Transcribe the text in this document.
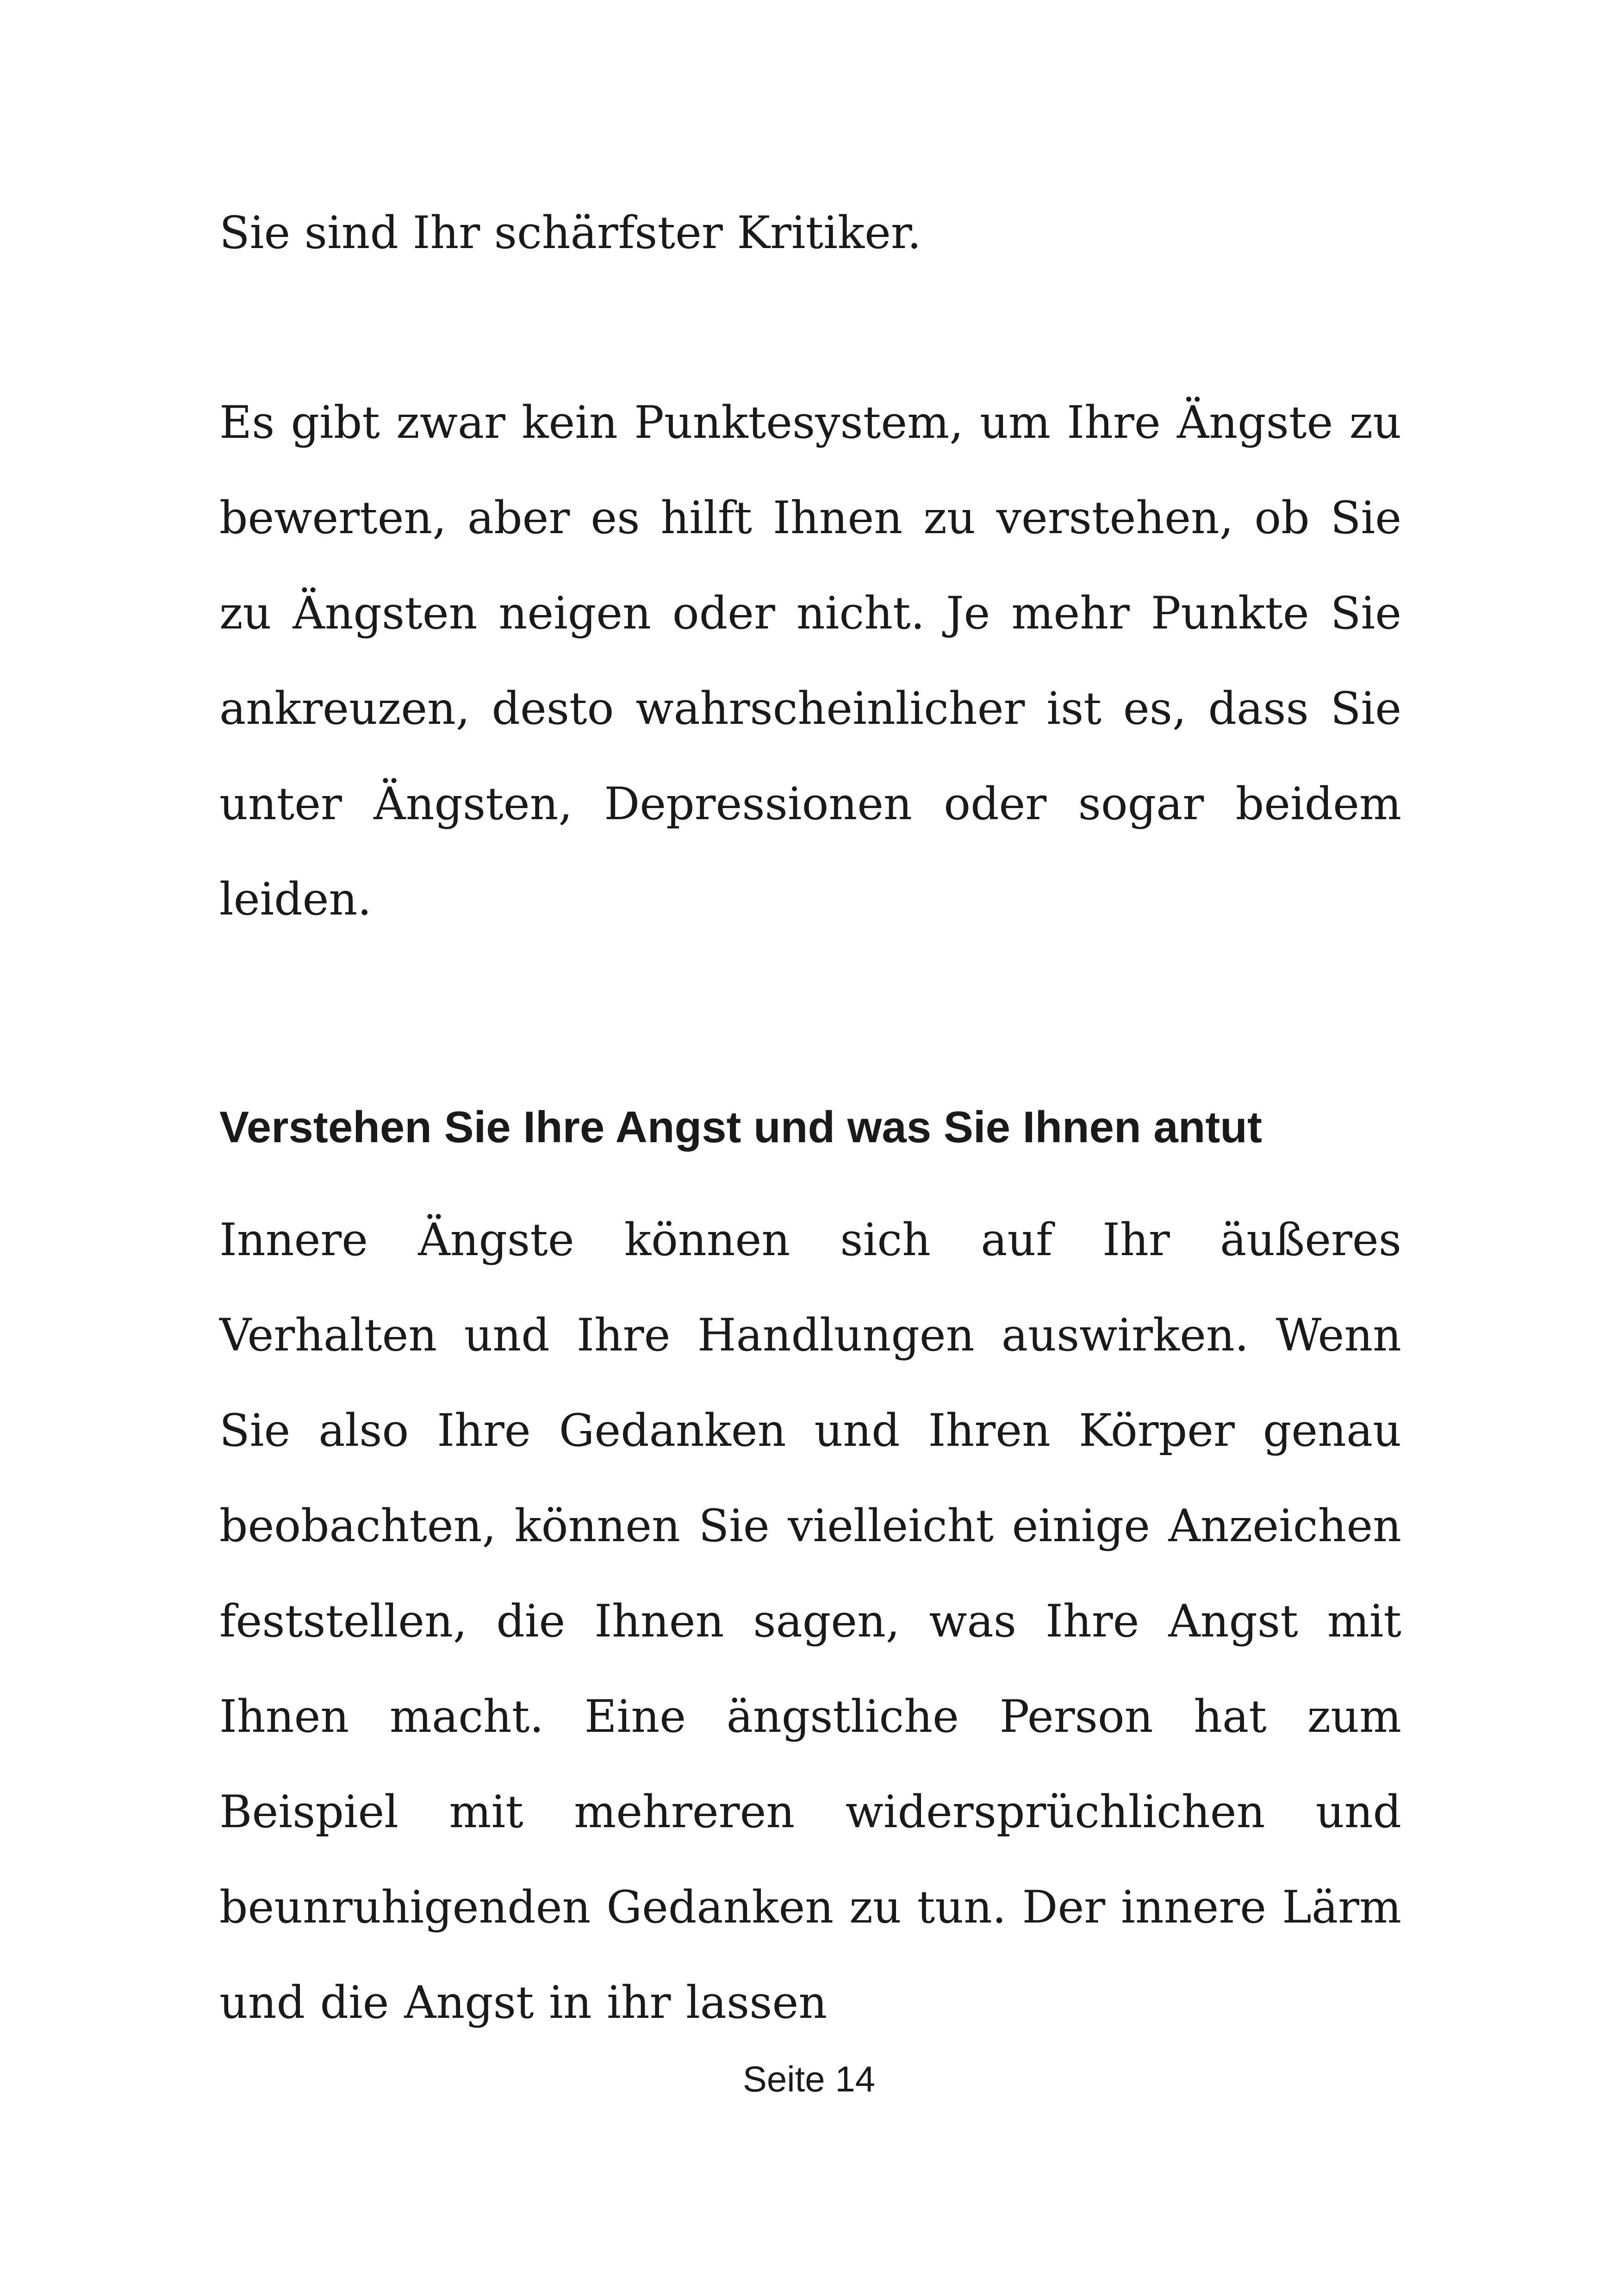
Sie sind Ihr schärfster Kritiker.

Es gibt zwar kein Punktesystem, um Ihre Ängste zu bewerten, aber es hilft Ihnen zu verstehen, ob Sie zu Ängsten neigen oder nicht. Je mehr Punkte Sie ankreuzen, desto wahrscheinlicher ist es, dass Sie unter Ängsten, Depressionen oder sogar beidem leiden.

Verstehen Sie Ihre Angst und was Sie Ihnen antut

Innere Ängste können sich auf Ihr äußeres Verhalten und Ihre Handlungen auswirken. Wenn Sie also Ihre Gedanken und Ihren Körper genau beobachten, können Sie vielleicht einige Anzeichen feststellen, die Ihnen sagen, was Ihre Angst mit Ihnen macht. Eine ängstliche Person hat zum Beispiel mit mehreren widersprüchlichen und beunruhigenden Gedanken zu tun. Der innere Lärm und die Angst in ihr lassen

Seite 14
